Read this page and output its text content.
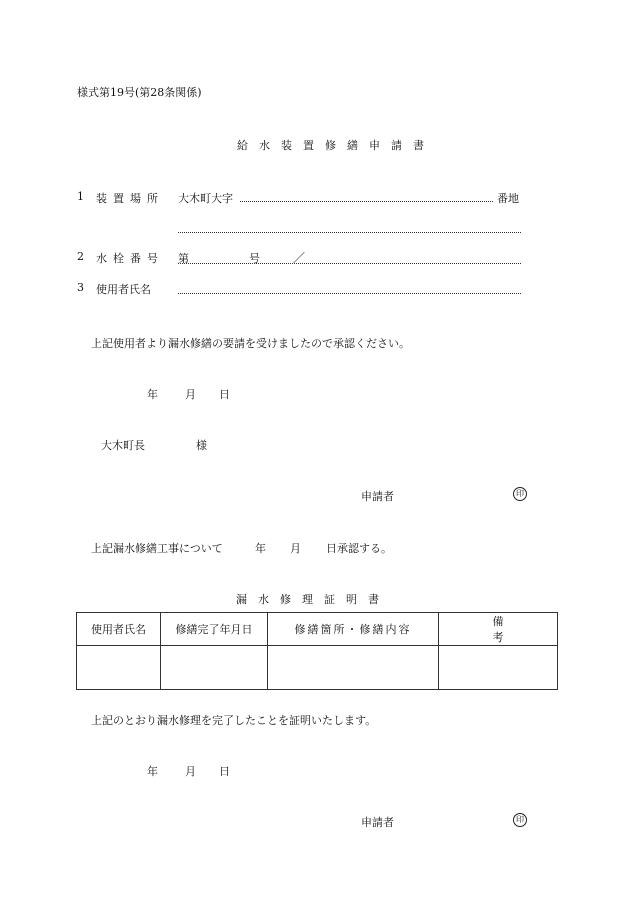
様式第19号(第28条関係)
給水装置修繕申請書
1 装置場所 大木町大字	番地
2 水栓番号 第	号	／
3 使用者氏名
上記使用者より漏水修繕の要請を受けましたので承認ください。
年 月 日
大木町長	様
申請者	印
上記漏水修繕工事について	年 月 日承認する。
漏水修理証明書
使用者氏名	修繕完了年月日	修繕箇所・修繕内容	備考

上記のとおり漏水修理を完了したことを証明いたします。
年 月 日
申請者	印
